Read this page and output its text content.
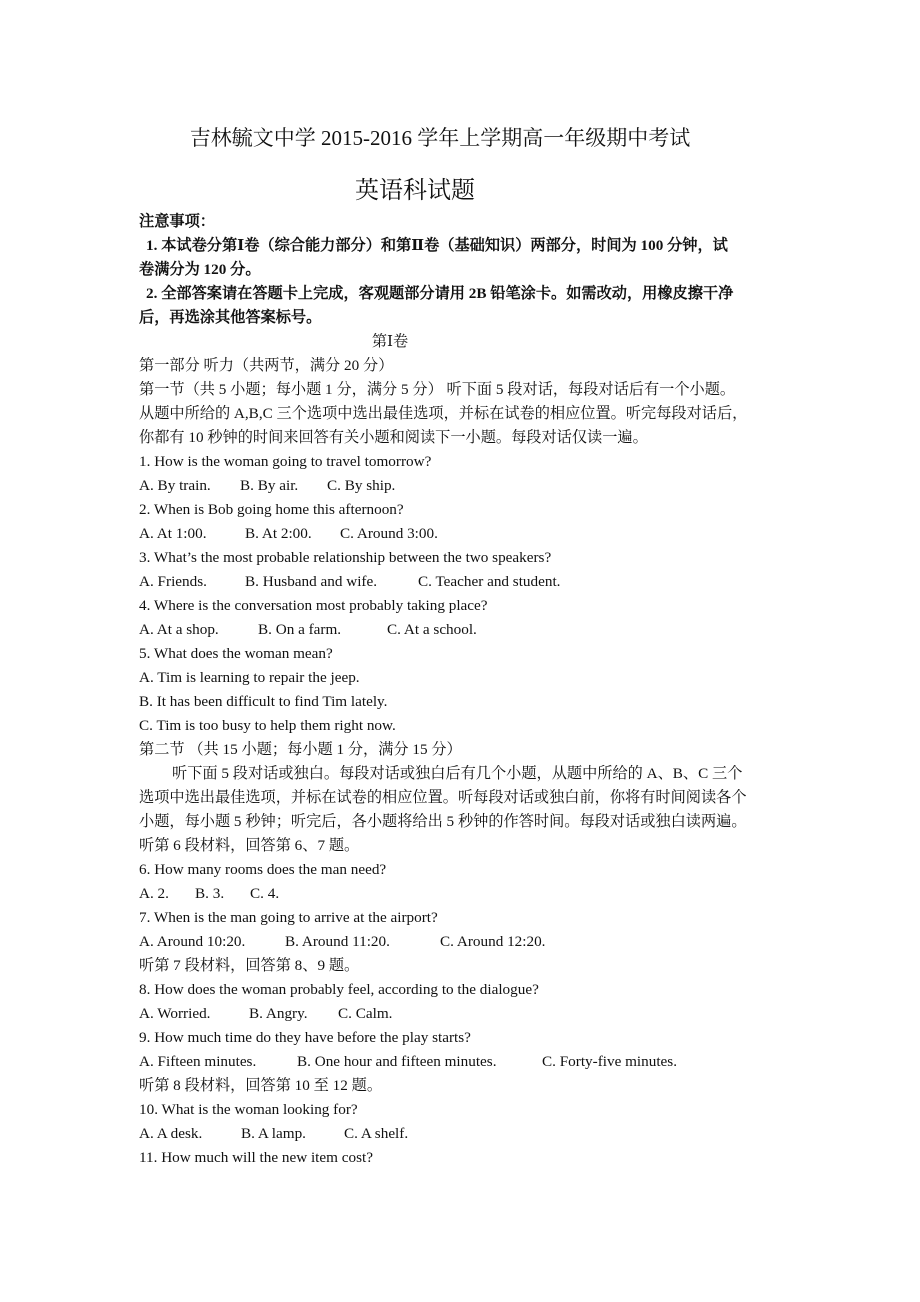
吉林毓文中学 2015-2016 学年上学期高一年级期中考试
英语科试题
注意事项：
1. 本试卷分第Ⅰ卷（综合能力部分）和第Ⅱ卷（基础知识）两部分，时间为 100 分钟，试
卷满分为 120 分。
2. 全部答案请在答题卡上完成，客观题部分请用 2B 铅笔涂卡。如需改动，用橡皮擦干净
后，再选涂其他答案标号。
第Ⅰ卷
第一部分 听力（共两节，满分 20 分）
第一节（共 5 小题；每小题 1 分，满分 5 分） 听下面 5 段对话，每段对话后有一个小题。
从题中所给的 A,B,C 三个选项中选出最佳选项，并标在试卷的相应位置。听完每段对话后，
你都有 10 秒钟的时间来回答有关小题和阅读下一小题。每段对话仅读一遍。
1. How is the woman going to travel tomorrow?
A. By train. B. By air. C. By ship.
2. When is Bob going home this afternoon?
A. At 1:00.	B. At 2:00. C. Around 3:00.
3. What’s the most probable relationship between the two speakers?
A. Friends.	B. Husband and wife.	C. Teacher and student.
4. Where is the conversation most probably taking place?
A. At a shop.	B. On a farm.	C. At a school.
5. What does the woman mean?
A. Tim is learning to repair the jeep.
B. It has been difficult to find Tim lately.
C. Tim is too busy to help them right now.
第二节 （共 15 小题；每小题 1 分，满分 15 分）
听下面 5 段对话或独白。每段对话或独白后有几个小题，从题中所给的 A、B、C 三个
选项中选出最佳选项，并标在试卷的相应位置。听每段对话或独白前，你将有时间阅读各个
小题，每小题 5 秒钟；听完后，各小题将给出 5 秒钟的作答时间。每段对话或独白读两遍。
听第 6 段材料，回答第 6、7 题。
6. How many rooms does the man need?
A. 2. B. 3. C. 4.
7. When is the man going to arrive at the airport?
A. Around 10:20.	B. Around 11:20.	C. Around 12:20.
听第 7 段材料，回答第 8、9 题。
8. How does the woman probably feel, according to the dialogue?
A. Worried.	B. Angry. C. Calm.
9. How much time do they have before the play starts?
A. Fifteen minutes.	B. One hour and fifteen minutes.	C. Forty-five minutes.
听第 8 段材料，回答第 10 至 12 题。
10. What is the woman looking for?
A. A desk.	B. A lamp.	C. A shelf.
11. How much will the new item cost?
